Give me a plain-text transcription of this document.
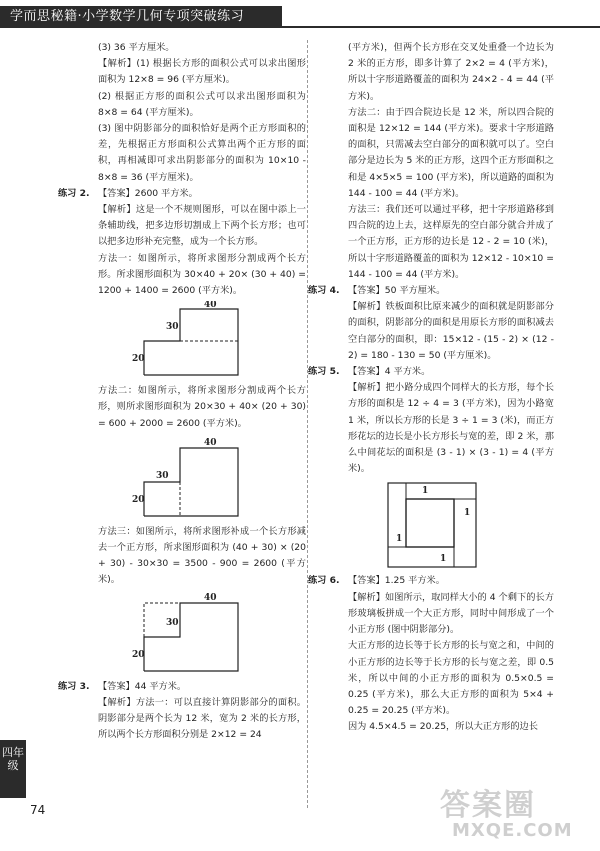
学而思秘籍·小学数学几何专项突破练习

(3) 36 平方厘米。

【解析】(1) 根据长方形的面积公式可以求出图形面积为 12×8 = 96 (平方厘米)。

(2) 根据正方形的面积公式可以求出图形面积为 8×8 = 64 (平方厘米)。

(3) 图中阴影部分的面积恰好是两个正方形面积的差，先根据正方形面积公式算出两个正方形的面积，再相减即可求出阴影部分的面积为 10×10 - 8×8 = 36 (平方厘米)。

练习 2. 【答案】2600 平方米。

【解析】这是一个不规则图形，可以在图中添上一条辅助线，把多边形切割成上下两个长方形；也可以把多边形补充完整，成为一个长方形。

方法一：如图所示，将所求图形分割成两个长方形。所求图形面积为 30×40 + 20× (30 + 40) = 1200 + 1400 = 2600 (平方米)。

40
30
20

方法二：如图所示，将所求图形分割成两个长方形，则所求图形面积为 20×30 + 40× (20 + 30) = 600 + 2000 = 2600 (平方米)。

40
30
20

方法三：如图所示，将所求图形补成一个长方形减去一个正方形，所求图形面积为 (40 + 30) × (20 + 30) - 30×30 = 3500 - 900 = 2600 (平方米)。

40
30
20
练习 3. 【答案】44 平方米。

【解析】方法一：可以直接计算阴影部分的面积。阴影部分是两个长为 12 米，宽为 2 米的长方形，所以两个长方形面积分别是 2×12 = 24

(平方米)，但两个长方形在交叉处重叠一个边长为 2 米的正方形，即多计算了 2×2 = 4 (平方米)，所以十字形道路覆盖的面积为 24×2 - 4 = 44 (平方米)。

方法二：由于四合院边长是 12 米，所以四合院的面积是 12×12 = 144 (平方米)。要求十字形道路的面积，只需减去空白部分的面积就可以了。空白部分是边长为 5 米的正方形，这四个正方形面积之和是 4×5×5 = 100 (平方米)，所以道路的面积为 144 - 100 = 44 (平方米)。

方法三：我们还可以通过平移，把十字形道路移到四合院的边上去，这样原先的空白部分就合并成了一个正方形，正方形的边长是 12 - 2 = 10 (米)，所以十字形道路覆盖的面积为 12×12 - 10×10 = 144 - 100 = 44 (平方米)。

练习 4. 【答案】50 平方厘米。

【解析】铁板面积比原来减少的面积就是阴影部分的面积，阴影部分的面积是用原长方形的面积减去空白部分的面积，即：15×12 - (15 - 2) × (12 - 2) = 180 - 130 = 50 (平方厘米)。

练习 5. 【答案】4 平方米。

【解析】把小路分成四个同样大的长方形，每个长方形的面积是 12 ÷ 4 = 3 (平方米)，因为小路宽 1 米，所以长方形的长是 3 ÷ 1 = 3 (米)，而正方形花坛的边长是小长方形长与宽的差，即 2 米，那么中间花坛的面积是 (3 - 1) × (3 - 1) = 4 (平方米)。

1
1
1
1
练习 6. 【答案】1.25 平方米。

【解析】如图所示，取同样大小的 4 个剩下的长方形玻璃板拼成一个大正方形，同时中间形成了一个小正方形 (图中阴影部分)。

大正方形的边长等于长方形的长与宽之和，中间的小正方形的边长等于长方形的长与宽之差，即 0.5 米，所以中间的小正方形的面积为 0.5×0.5 = 0.25 (平方米)，那么大正方形的面积为 5×4 + 0.25 = 20.25 (平方米)。

因为 4.5×4.5 = 20.25，所以大正方形的边长

四年级
74	答案圈
MXQE.COM
